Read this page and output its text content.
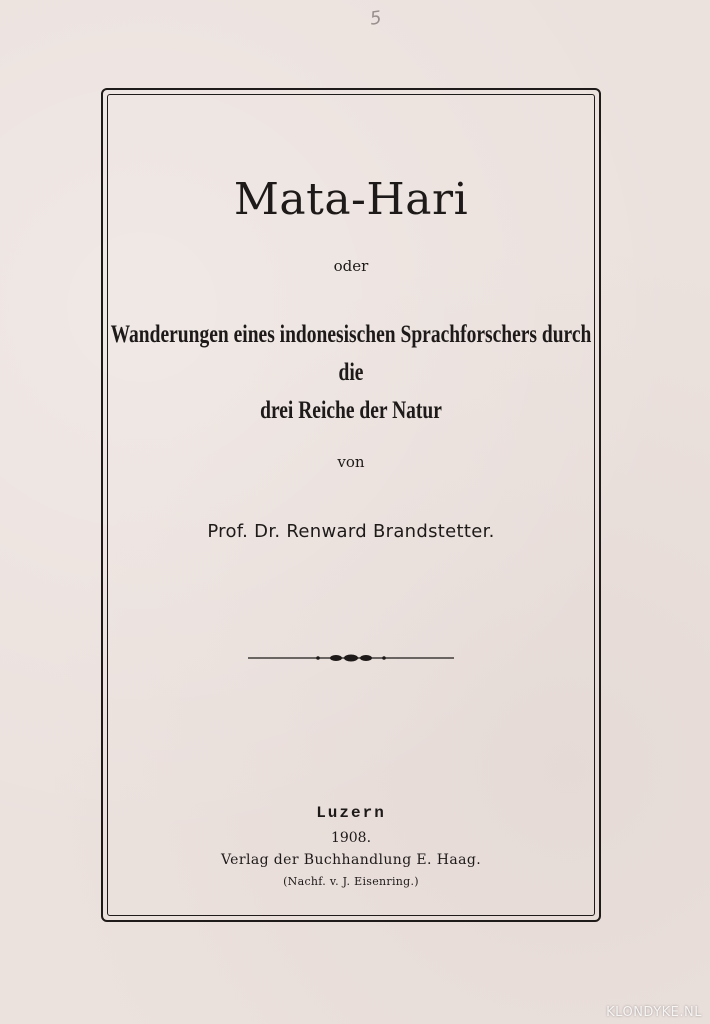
5
Mata-Hari
oder
Wanderungen eines indonesischen Sprachforschers durch die
drei Reiche der Natur
von
Prof. Dr. Renward Brandstetter.
Luzern
1908.
Verlag der Buchhandlung E. Haag.
(Nachf. v. J. Eisenring.)
KLONDYKE.NL
